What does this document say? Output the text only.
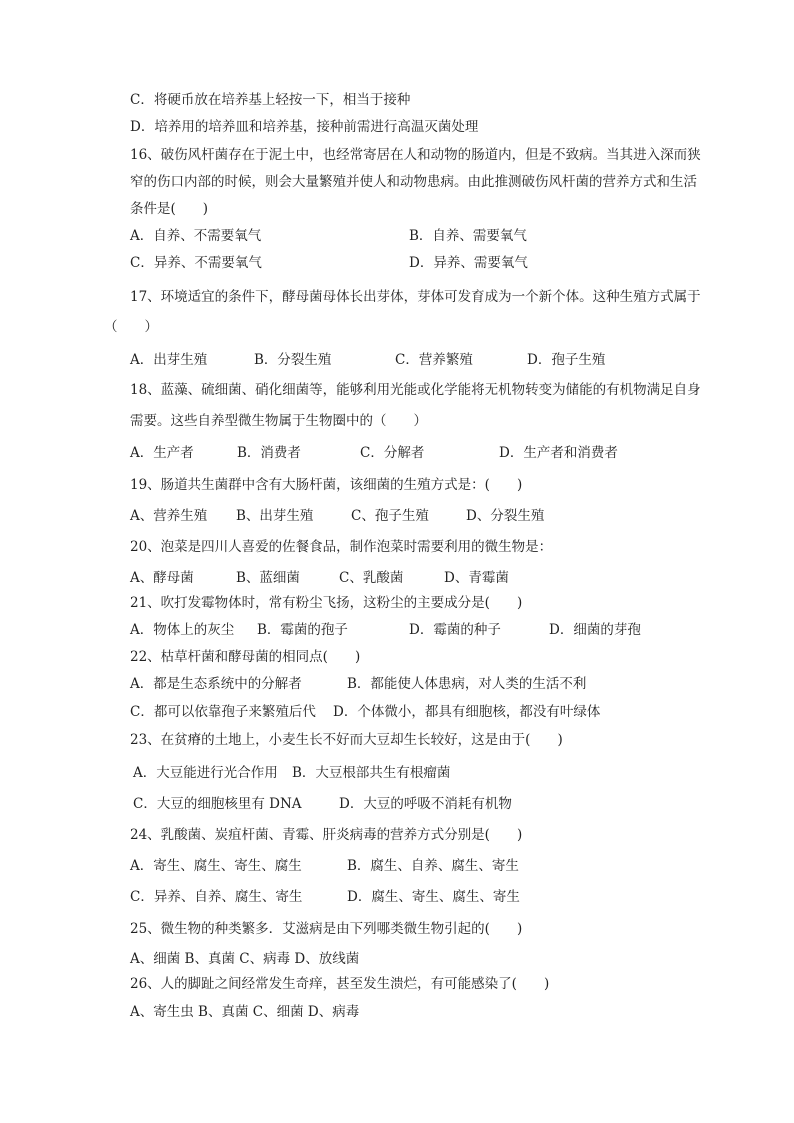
C．将硬币放在培养基上轻按一下，相当于接种
D．培养用的培养皿和培养基，接种前需进行高温灭菌处理
16、破伤风杆菌存在于泥土中，也经常寄居在人和动物的肠道内，但是不致病。当其进入深而狭
窄的伤口内部的时候，则会大量繁殖并使人和动物患病。由此推测破伤风杆菌的营养方式和生活
条件是(　　)
A．自养、不需要氧气	B．自养、需要氧气
C．异养、不需要氧气	D．异养、需要氧气
17、环境适宜的条件下，酵母菌母体长出芽体，芽体可发育成为一个新个体。这种生殖方式属于
（　　）
A．出芽生殖	B．分裂生殖	C．营养繁殖	D．孢子生殖
18、蓝藻、硫细菌、硝化细菌等，能够利用光能或化学能将无机物转变为储能的有机物满足自身
需要。这些自养型微生物属于生物圈中的（　　）
A．生产者	B．消费者	C．分解者	D．生产者和消费者
19、肠道共生菌群中含有大肠杆菌，该细菌的生殖方式是：(　　)
A、营养生殖 B、出芽生殖	C、孢子生殖	D、分裂生殖
20、泡菜是四川人喜爱的佐餐食品，制作泡菜时需要利用的微生物是：
A、酵母菌	B、蓝细菌	C、乳酸菌	D、青霉菌
21、吹打发霉物体时，常有粉尘飞扬，这粉尘的主要成分是(　　)
A．物体上的灰尘 B．霉菌的孢子	D．霉菌的种子	D．细菌的芽孢
22、枯草杆菌和酵母菌的相同点(　　)
A．都是生态系统中的分解者	B．都能使人体患病，对人类的生活不利
C．都可以依靠孢子来繁殖后代 D．个体微小，都具有细胞核，都没有叶绿体
23、在贫瘠的土地上，小麦生长不好而大豆却生长较好，这是由于(　　)
A．大豆能进行光合作用 B．大豆根部共生有根瘤菌
C．大豆的细胞核里有 DNA	D．大豆的呼吸不消耗有机物
24、乳酸菌、炭疽杆菌、青霉、肝炎病毒的营养方式分别是(　　)
A．寄生、腐生、寄生、腐生	B．腐生、自养、腐生、寄生
C．异养、自养、腐生、寄生	D．腐生、寄生、腐生、寄生
25、微生物的种类繁多．艾滋病是由下列哪类微生物引起的(　　)
A、细菌 B、真菌 C、病毒 D、放线菌
26、人的脚趾之间经常发生奇痒，甚至发生溃烂，有可能感染了(　　)
A、寄生虫 B、真菌 C、细菌 D、病毒
